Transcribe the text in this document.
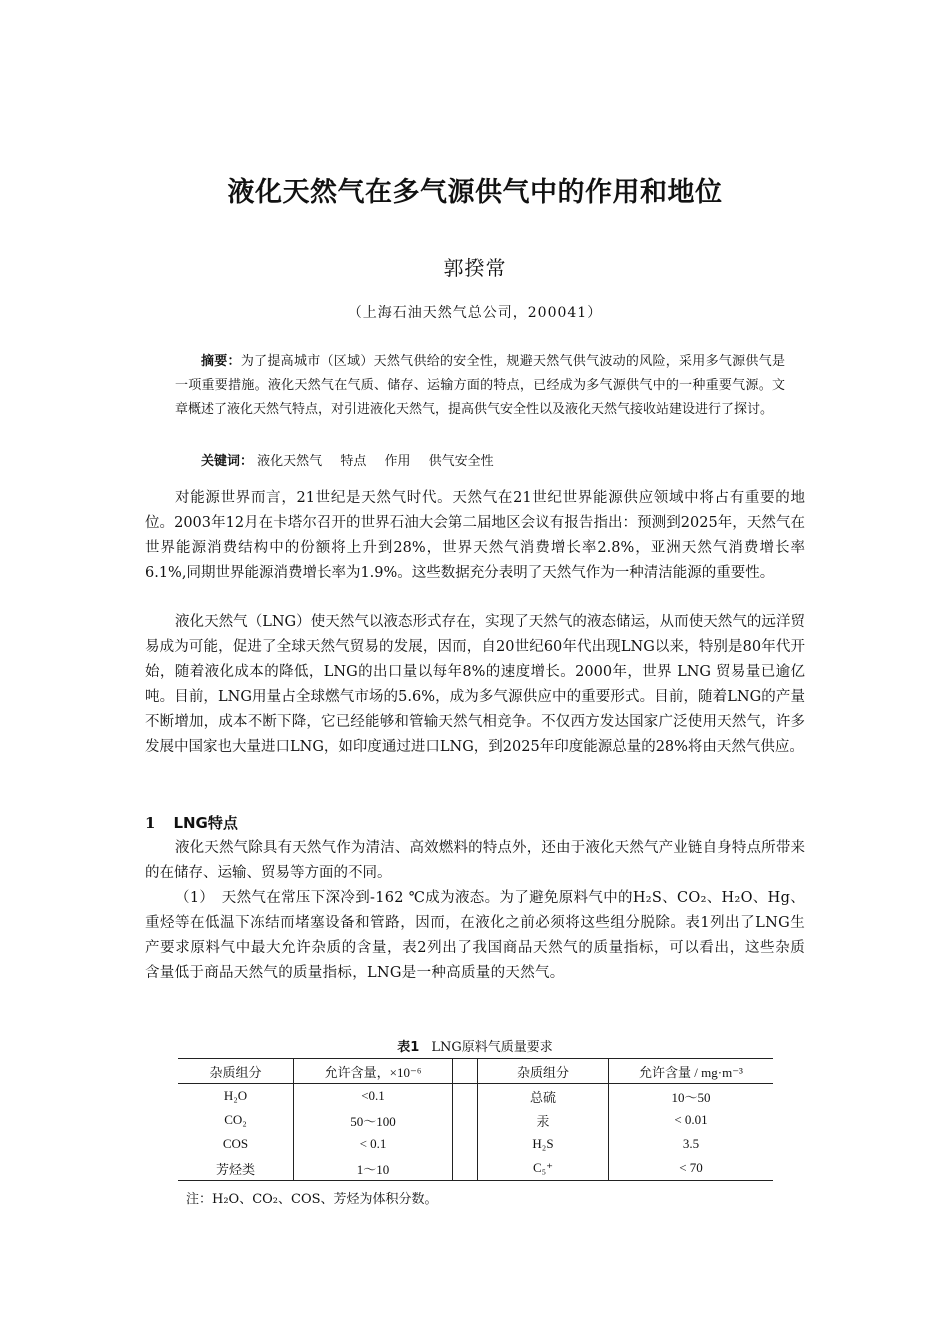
液化天然气在多气源供气中的作用和地位
郭揆常
（上海石油天然气总公司，200041）
摘要：为了提高城市（区域）天然气供给的安全性，规避天然气供气波动的风险，采用多气源供气是一项重要措施。液化天然气在气质、储存、运输方面的特点，已经成为多气源供气中的一种重要气源。文章概述了液化天然气特点，对引进液化天然气，提高供气安全性以及液化天然气接收站建设进行了探讨。
关键词： 液化天然气 特点 作用 供气安全性
对能源世界而言，21世纪是天然气时代。天然气在21世纪世界能源供应领域中将占有重要的地位。2003年12月在卡塔尔召开的世界石油大会第二届地区会议有报告指出：预测到2025年，天然气在世界能源消费结构中的份额将上升到28%，世界天然气消费增长率2.8%，亚洲天然气消费增长率6.1%,同期世界能源消费增长率为1.9%。这些数据充分表明了天然气作为一种清洁能源的重要性。
液化天然气（LNG）使天然气以液态形式存在，实现了天然气的液态储运，从而使天然气的远洋贸易成为可能，促进了全球天然气贸易的发展，因而，自20世纪60年代出现LNG以来，特别是80年代开始，随着液化成本的降低，LNG的出口量以每年8%的速度增长。2000年，世界 LNG 贸易量已逾亿吨。目前，LNG用量占全球燃气市场的5.6%，成为多气源供应中的重要形式。目前，随着LNG的产量不断增加，成本不断下降，它已经能够和管输天然气相竞争。不仅西方发达国家广泛使用天然气，许多发展中国家也大量进口LNG，如印度通过进口LNG，到2025年印度能源总量的28%将由天然气供应。
1 LNG特点
液化天然气除具有天然气作为清洁、高效燃料的特点外，还由于液化天然气产业链自身特点所带来的在储存、运输、贸易等方面的不同。
（1）　天然气在常压下深冷到-162 ℃成为液态。为了避免原料气中的H₂S、CO₂、H₂O、Hg、重烃等在低温下冻结而堵塞设备和管路，因而，在液化之前必须将这些组分脱除。表1列出了LNG生产要求原料气中最大允许杂质的含量，表2列出了我国商品天然气的质量指标，可以看出，这些杂质含量低于商品天然气的质量指标，LNG是一种高质量的天然气。
表1 LNG原料气质量要求
杂质组分	允许含量，×10⁻⁶		杂质组分	允许含量 / mg·m⁻³
H₂O	<0.1		总硫	10～50
CO₂	50～100		汞	< 0.01
COS	< 0.1		H₂S	3.5
芳烃类	1～10		C₅⁺	< 70
注：H₂O、CO₂、COS、芳烃为体积分数。
